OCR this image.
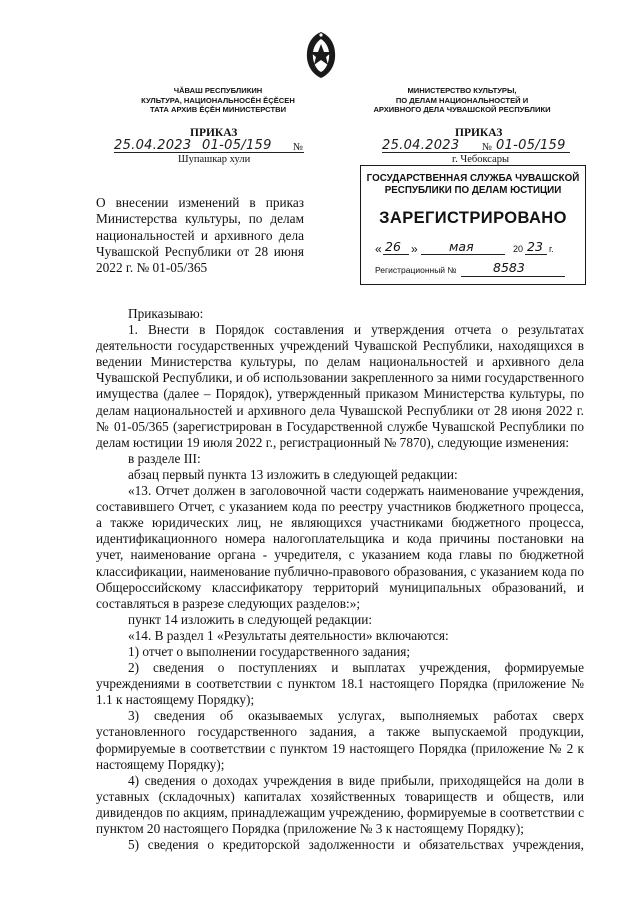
ЧĂВАШ РЕСПУБЛИКИН
КУЛЬТУРА, НАЦИОНАЛЬНОСĔН ĔÇĔСЕН
ТАТА АРХИВ ĔÇĔН МИНИСТЕРСТВИ
МИНИСТЕРСТВО КУЛЬТУРЫ,
ПО ДЕЛАМ НАЦИОНАЛЬНОСТЕЙ И
АРХИВНОГО ДЕЛА ЧУВАШСКОЙ РЕСПУБЛИКИ
ПРИКАЗ
25.04.2023 01-05/159 №
Шупашкар хули
ПРИКАЗ
25.04.2023 № 01-05/159
г. Чебоксары
О внесении изменений в приказ Министерства культуры, по делам национальностей и архивного дела Чувашской Республики от 28 июня 2022 г. № 01-05/365
ГОСУДАРСТВЕННАЯ СЛУЖБА ЧУВАШСКОЙ
РЕСПУБЛИКИ ПО ДЕЛАМ ЮСТИЦИИ
ЗАРЕГИСТРИРОВАНО
« 26 »	мая	20 23 г.
Регистрационный №	8583

Приказываю:

1. Внести в Порядок составления и утверждения отчета о результатах деятельности государственных учреждений Чувашской Республики, находящихся в ведении Министерства культуры, по делам национальностей и архивного дела Чувашской Республики, и об использовании закрепленного за ними государственного имущества (далее – Порядок), утвержденный приказом Министерства культуры, по делам национальностей и архивного дела Чувашской Республики от 28 июня 2022 г. № 01-05/365 (зарегистрирован в Государственной службе Чувашской Республики по делам юстиции 19 июля 2022 г., регистрационный № 7870), следующие изменения:

в разделе III:

абзац первый пункта 13 изложить в следующей редакции:

«13. Отчет должен в заголовочной части содержать наименование учреждения, составившего Отчет, с указанием кода по реестру участников бюджетного процесса, а также юридических лиц, не являющихся участниками бюджетного процесса, идентификационного номера налогоплательщика и кода причины постановки на учет, наименование органа - учредителя, с указанием кода главы по бюджетной классификации, наименование публично-правового образования, с указанием кода по Общероссийскому классификатору территорий муниципальных образований, и составляться в разрезе следующих разделов:»;

пункт 14 изложить в следующей редакции:

«14. В раздел 1 «Результаты деятельности» включаются:

1) отчет о выполнении государственного задания;

2) сведения о поступлениях и выплатах учреждения, формируемые учреждениями в соответствии с пунктом 18.1 настоящего Порядка (приложение № 1.1 к настоящему Порядку);

3) сведения об оказываемых услугах, выполняемых работах сверх установленного государственного задания, а также выпускаемой продукции, формируемые в соответствии с пунктом 19 настоящего Порядка (приложение № 2 к настоящему Порядку);

4) сведения о доходах учреждения в виде прибыли, приходящейся на доли в уставных (складочных) капиталах хозяйственных товариществ и обществ, или дивидендов по акциям, принадлежащим учреждению, формируемые в соответствии с пунктом 20 настоящего Порядка (приложение № 3 к настоящему Порядку);

5) сведения о кредиторской задолженности и обязательствах учреждения,
